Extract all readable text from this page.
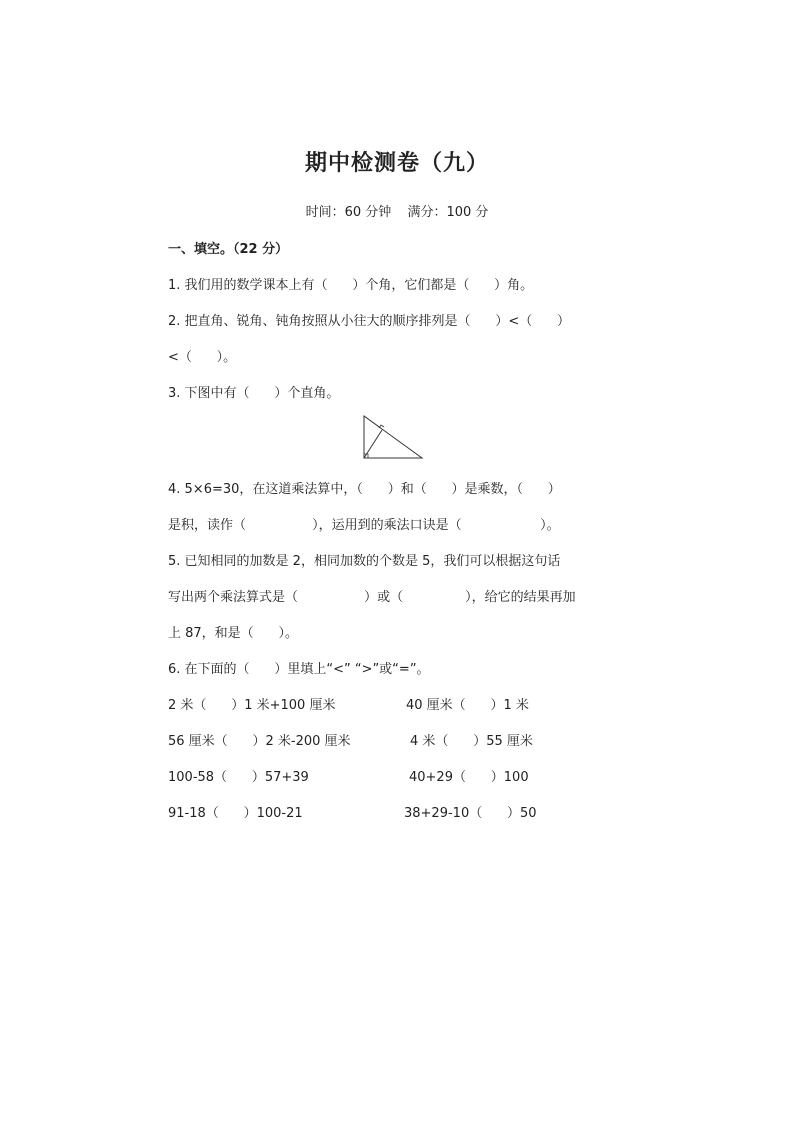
期中检测卷（九）
时间：60 分钟 满分：100 分
一、填空。（22 分）
1. 我们用的数学课本上有（      ）个角，它们都是（      ）角。
2. 把直角、锐角、钝角按照从小往大的顺序排列是（      ）<（      ）
<（      ）。
3. 下图中有（      ）个直角。
4. 5×6=30，在这道乘法算中，（      ）和（      ）是乘数，（      ）
是积，读作（                ），运用到的乘法口诀是（                   ）。
5. 已知相同的加数是 2，相同加数的个数是 5，我们可以根据这句话
写出两个乘法算式是（                ）或（               ），给它的结果再加
上 87，和是（      ）。
6. 在下面的（      ）里填上“<” “>”或“=”。
2 米（      ）1 米+100 厘米	40 厘米（      ）1 米
56 厘米（      ）2 米-200 厘米	4 米（      ）55 厘米
100-58（      ）57+39	40+29（      ）100
91-18（      ）100-21	38+29-10（      ）50
